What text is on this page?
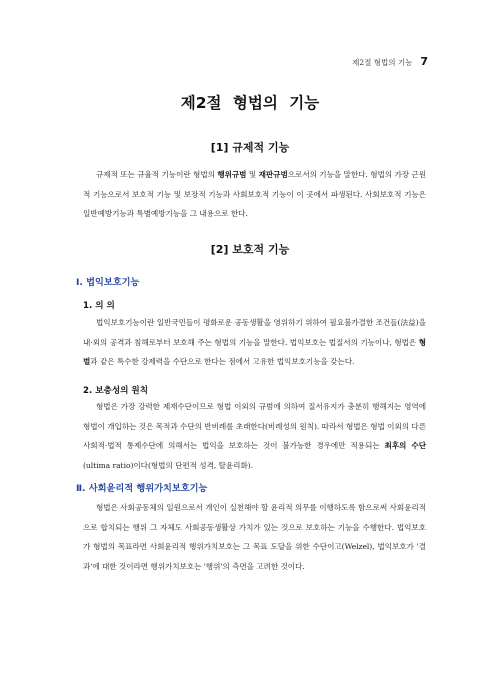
제2절 형법의 기능 7
제2절 형법의 기능
[1] 규제적 기능

규제적 또는 규율적 기능이란 형법의 행위규범 및 재판규범으로서의 기능을 말한다. 형법의 가장 근원적 기능으로서 보호적 기능 및 보장적 기능과 사회보호적 기능이 이 곳에서 파생된다. 사회보호적 기능은 일반예방기능과 특별예방기능을 그 내용으로 한다.

[2] 보호적 기능
Ⅰ. 법익보호기능
1. 의 의

법익보호기능이란 일반국민들이 평화로운 공동생활을 영위하기 위하여 필요불가결한 조건들(法益)을 내·외의 공격과 침해로부터 보호해 주는 형법의 기능을 말한다. 법익보호는 법질서의 기능이나, 형법은 형벌과 같은 특수한 강제력을 수단으로 한다는 점에서 고유한 법익보호기능을 갖는다.

2. 보충성의 원칙

형법은 가장 강력한 제재수단이므로 형법 이외의 규범에 의하여 질서유지가 충분히 행해지는 영역에 형법이 개입하는 것은 목적과 수단의 반비례를 초래한다(비례성의 원칙). 따라서 형법은 형법 이외의 다른 사회적·법적 통제수단에 의해서는 법익을 보호하는 것이 불가능한 경우에만 적용되는 최후의 수단(ultima ratio)이다(형법의 단편적 성격, 탈윤리화).

Ⅱ. 사회윤리적 행위가치보호기능

형법은 사회공동체의 일원으로서 개인이 실천해야 할 윤리적 의무를 이행하도록 함으로써 사회윤리적으로 합치되는 행위 그 자체도 사회공동생활상 가치가 있는 것으로 보호하는 기능을 수행한다. 법익보호가 형법의 목표라면 사회윤리적 행위가치보호는 그 목표 도달을 위한 수단이고(Welzel), 법익보호가 '결과'에 대한 것이라면 행위가치보호는 '행위'의 측면을 고려한 것이다.
